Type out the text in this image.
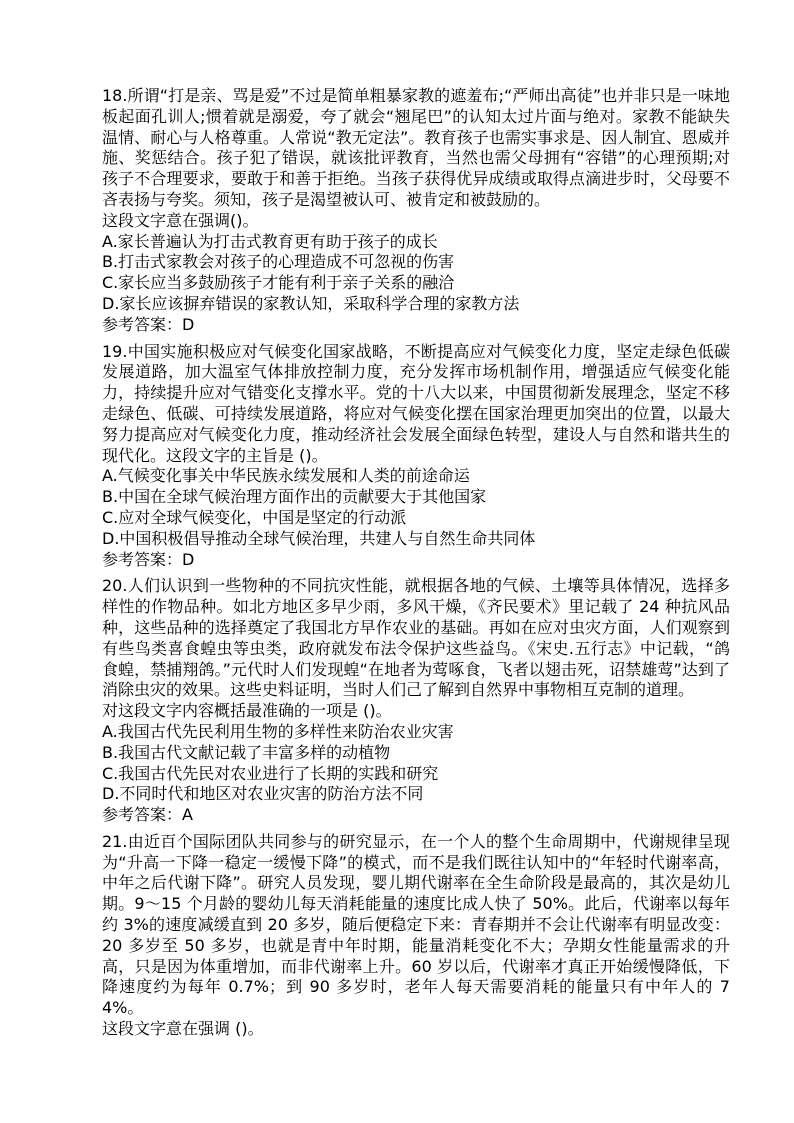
18.所谓“打是亲、骂是爱”不过是简单粗暴家教的遮羞布;“严师出高徒”也并非只是一味地板起面孔训人;惯着就是溺爱，夸了就会“翘尾巴”的认知太过片面与绝对。家教不能缺失温情、耐心与人格尊重。人常说“教无定法”。教育孩子也需实事求是、因人制宜、恩威并施、奖惩结合。孩子犯了错误，就该批评教育，当然也需父母拥有“容错”的心理预期;对孩子不合理要求，要敢于和善于拒绝。当孩子获得优异成绩或取得点滴进步时，父母要不吝表扬与夸奖。须知，孩子是渴望被认可、被肯定和被鼓励的。

这段文字意在强调()。

A.家长普遍认为打击式教育更有助于孩子的成长

B.打击式家教会对孩子的心理造成不可忽视的伤害

C.家长应当多鼓励孩子才能有利于亲子关系的融洽

D.家长应该摒弃错误的家教认知，采取科学合理的家教方法

参考答案：D

19.中国实施积极应对气候变化国家战略，不断提高应对气候变化力度，坚定走绿色低碳发展道路，加大温室气体排放控制力度，充分发挥市场机制作用，增强适应气候变化能力，持续提升应对气错变化支撑水平。党的十八大以来，中国贯彻新发展理念，坚定不移走绿色、低碳、可持续发展道路，将应对气候变化摆在国家治理更加突出的位置，以最大努力提高应对气候变化力度，推动经济社会发展全面绿色转型，建设人与自然和谐共生的现代化。这段文字的主旨是 ()。

A.气候变化事关中华民族永续发展和人类的前途命运

B.中国在全球气候治理方面作出的贡献要大于其他国家

C.应对全球气候变化，中国是坚定的行动派

D.中国积极倡导推动全球气候治理，共建人与自然生命共同体

参考答案：D

20.人们认识到一些物种的不同抗灾性能，就根据各地的气候、土壤等具体情况，选择多样性的作物品种。如北方地区多早少雨，多风干燥，《齐民要术》里记载了 24 种抗风品种，这些品种的选择奠定了我国北方早作农业的基础。再如在应对虫灾方面，人们观察到有些鸟类喜食蝗虫等虫类，政府就发布法令保护这些益鸟。《宋史.五行志》中记载，“鸽食蝗，禁捕翔鸽。”元代时人们发现蝗“在地者为莺啄食，飞者以翅击死，诏禁雄莺”达到了消除虫灾的效果。这些史料证明，当时人们己了解到自然界中事物相互克制的道理。

对这段文字内容概括最准确的一项是 ()。

A.我国古代先民利用生物的多样性来防治农业灾害

B.我国古代文献记载了丰富多样的动植物

C.我国古代先民对农业进行了长期的实践和研究

D.不同时代和地区对农业灾害的防治方法不同

参考答案：A

21.由近百个国际团队共同参与的研究显示，在一个人的整个生命周期中，代谢规律呈现为“升高一下降一稳定一缓慢下降”的模式，而不是我们既往认知中的“年轻时代谢率高，中年之后代谢下降”。研究人员发现，婴儿期代谢率在全生命阶段是最高的，其次是幼儿期。9～15 个月龄的婴幼儿每天消耗能量的速度比成人快了 50%。此后，代谢率以每年约 3%的速度减缓直到 20 多岁，随后便稳定下来：青春期并不会让代谢率有明显改变：20 多岁至 50 多岁，也就是青中年时期，能量消耗变化不大；孕期女性能量需求的升高，只是因为体重增加，而非代谢率上升。60 岁以后，代谢率才真正开始缓慢降低，下降速度约为每年 0.7%；到 90 多岁时，老年人每天需要消耗的能量只有中年人的 74%。

这段文字意在强调 ()。
